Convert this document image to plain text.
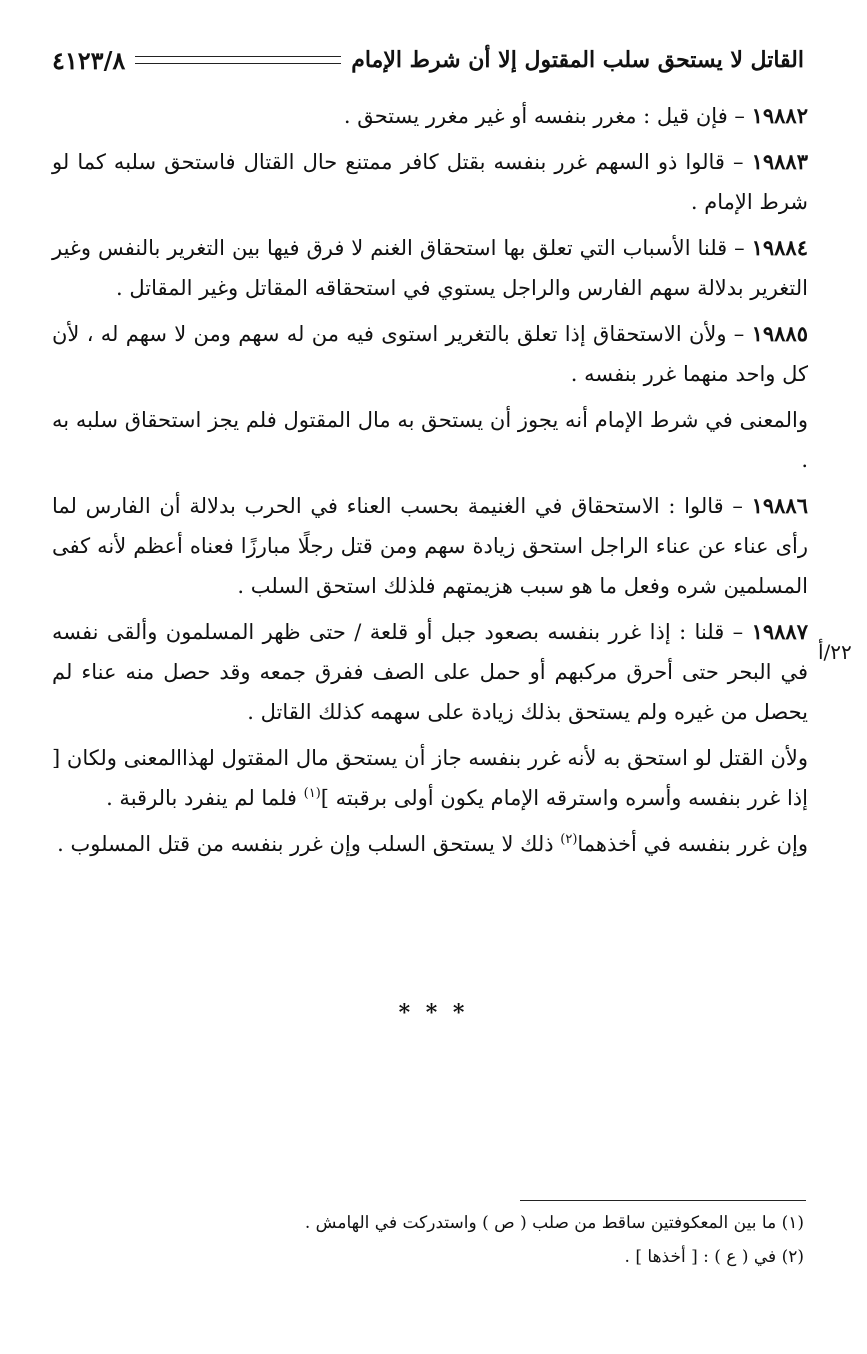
القاتل لا يستحق سلب المقتول إلا أن شرط الإمام
٤١٢٣/٨
٢٢/أ

١٩٨٨٢ – فإن قيل : مغرر بنفسه أو غير مغرر يستحق .

١٩٨٨٣ – قالوا ذو السهم غرر بنفسه بقتل كافر ممتنع حال القتال فاستحق سلبه كما لو شرط الإمام .

١٩٨٨٤ – قلنا الأسباب التي تعلق بها استحقاق الغنم لا فرق فيها بين التغرير بالنفس وغير التغرير بدلالة سهم الفارس والراجل يستوي في استحقاقه المقاتل وغير المقاتل .

١٩٨٨٥ – ولأن الاستحقاق إذا تعلق بالتغرير استوى فيه من له سهم ومن لا سهم له ، لأن كل واحد منهما غرر بنفسه .

والمعنى في شرط الإمام أنه يجوز أن يستحق به مال المقتول فلم يجز استحقاق سلبه به .

١٩٨٨٦ – قالوا : الاستحقاق في الغنيمة بحسب العناء في الحرب بدلالة أن الفارس لما رأى عناء عن عناء الراجل استحق زيادة سهم ومن قتل رجلًا مبارزًا فعناه أعظم لأنه كفى المسلمين شره وفعل ما هو سبب هزيمتهم فلذلك استحق السلب .

١٩٨٨٧ – قلنا : إذا غرر بنفسه بصعود جبل أو قلعة / حتى ظهر المسلمون وألقى نفسه في البحر حتى أحرق مركبهم أو حمل على الصف ففرق جمعه وقد حصل منه عناء لم يحصل من غيره ولم يستحق بذلك زيادة على سهمه كذلك القاتل .

ولأن القتل لو استحق به لأنه غرر بنفسه جاز أن يستحق مال المقتول لهذاالمعنى ولكان [ إذا غرر بنفسه وأسره واسترقه الإمام يكون أولى برقبته ]$^{(١)}$ فلما لم ينفرد بالرقبة .

وإن غرر بنفسه في أخذهما$^{(٢)}$ ذلك لا يستحق السلب وإن غرر بنفسه من قتل المسلوب .

* * *

(١) ما بين المعكوفتين ساقط من صلب ( ص ) واستدركت في الهامش .

(٢) في ( ع ) : [ أخذها ] .
